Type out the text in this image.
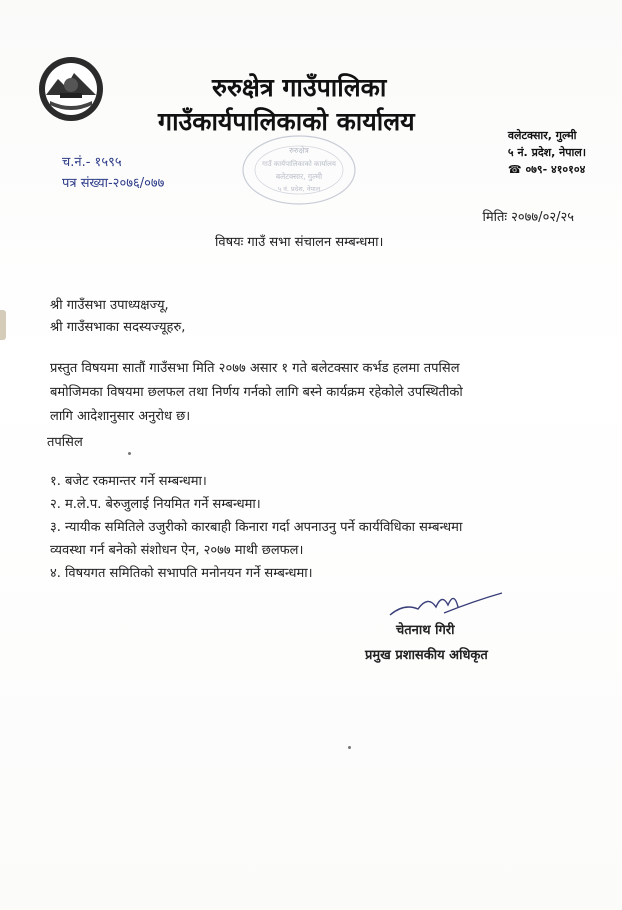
रुरुक्षेत्र गाउँपालिका
गाउँकार्यपालिकाको कार्यालय	वलेटक्सार, गुल्मी
५ नं. प्रदेश, नेपाल।
☎ ०७९- ४१०१०४
च.नं.- १५९५
पत्र संख्या-२०७६/०७७
रुरुक्षेत्र
गाउँ कार्यपालिकाको कार्यालय
बलेटक्सार, गुल्मी
५ नं. प्रदेश, नेपाल
मितिः २०७७/०२/२५
विषयः गाउँ सभा संचालन सम्बन्धमा।
श्री गाउँसभा उपाध्यक्षज्यू,
श्री गाउँसभाका सदस्यज्यूहरु,
प्रस्तुत विषयमा सातौं गाउँसभा मिति २०७७ असार १ गते बलेटक्सार कर्भड हलमा तपसिल
बमोजिमका विषयमा छलफल तथा निर्णय गर्नको लागि बस्ने कार्यक्रम रहेकोले उपस्थितीको
लागि आदेशानुसार अनुरोध छ।
तपसिल
१. बजेट रकमान्तर गर्ने सम्बन्धमा।
२. म.ले.प. बेरुजुलाई नियमित गर्ने सम्बन्धमा।
३. न्यायीक समितिले उजुरीको कारबाही किनारा गर्दा अपनाउनु पर्ने कार्यविधिका सम्बन्धमा
व्यवस्था गर्न बनेको संशोधन ऐन, २०७७ माथी छलफल।
४. विषयगत समितिको सभापति मनोनयन गर्ने सम्बन्धमा।
चेतनाथ गिरी
प्रमुख प्रशासकीय अधिकृत
